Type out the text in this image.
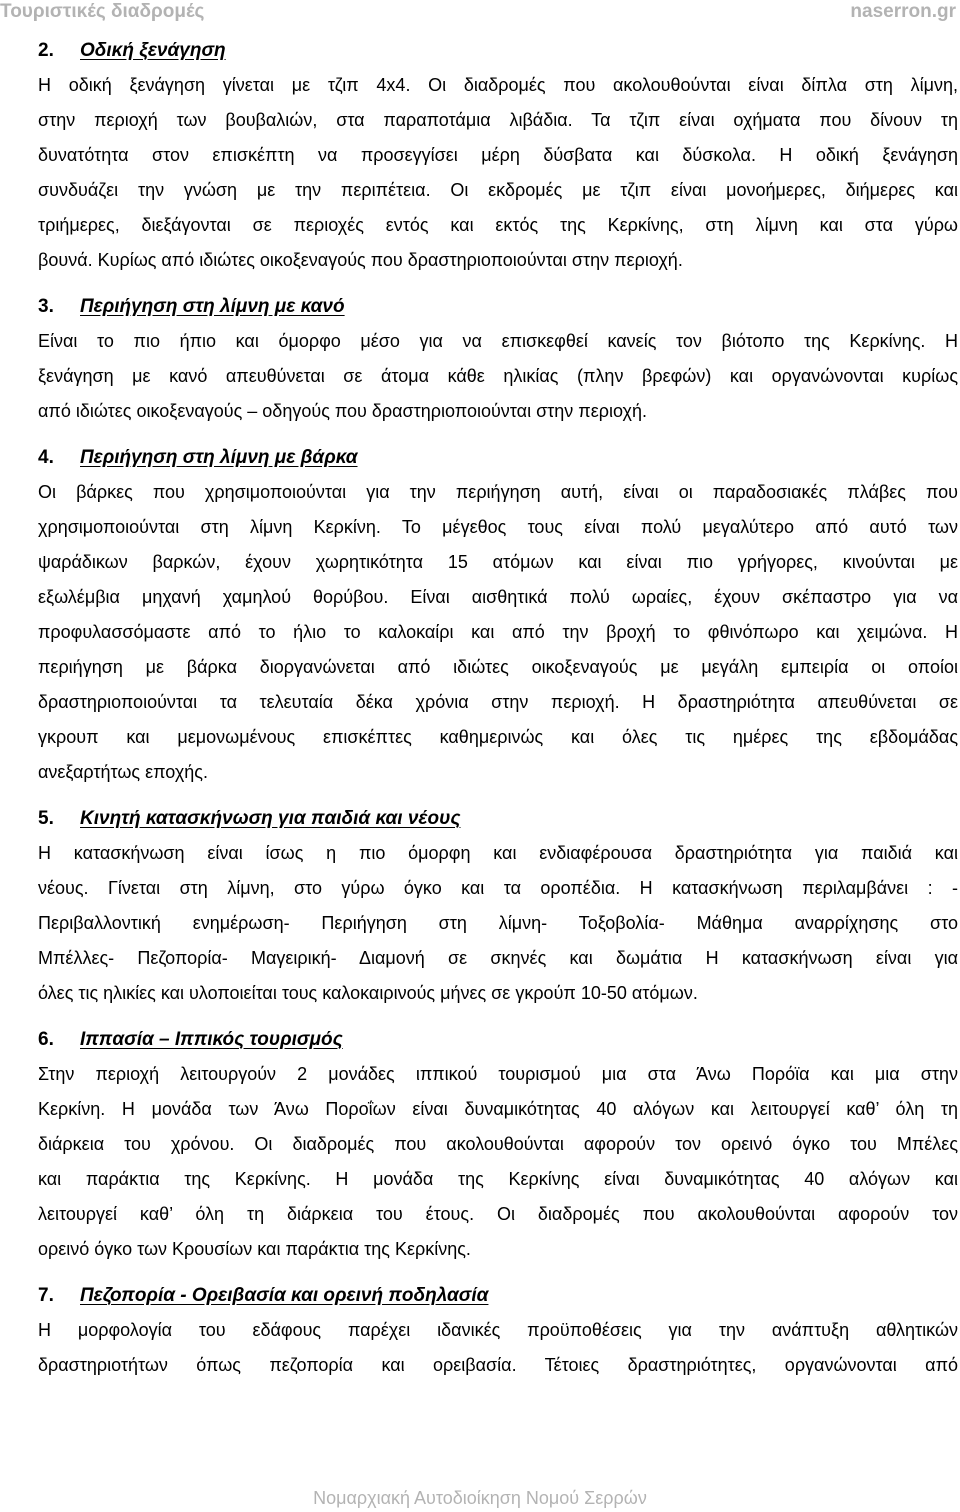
Τουριστικές διαδρομές	naserron.gr
2. Οδική ξενάγηση
Η οδική ξενάγηση γίνεται με τζιπ 4x4. Οι διαδρομές που ακολουθούνται είναι δίπλα στη λίμνη,
στην περιοχή των βουβαλιών, στα παραποτάμια λιβάδια. Τα τζιπ είναι οχήματα που δίνουν τη
δυνατότητα στον επισκέπτη να προσεγγίσει μέρη δύσβατα και δύσκολα. Η οδική ξενάγηση
συνδυάζει την γνώση με την περιπέτεια. Οι εκδρομές με τζιπ είναι μονοήμερες, διήμερες και
τριήμερες, διεξάγονται σε περιοχές εντός και εκτός της Κερκίνης, στη λίμνη και στα γύρω
βουνά. Κυρίως από ιδιώτες οικοξεναγούς που δραστηριοποιούνται στην περιοχή.
3. Περιήγηση στη λίμνη με κανό
Είναι το πιο ήπιο και όμορφο μέσο για να επισκεφθεί κανείς τον βιότοπο της Κερκίνης. Η
ξενάγηση με κανό απευθύνεται σε άτομα κάθε ηλικίας (πλην βρεφών) και οργανώνονται κυρίως
από ιδιώτες οικοξεναγούς – οδηγούς που δραστηριοποιούνται στην περιοχή.
4. Περιήγηση στη λίμνη με βάρκα
Οι βάρκες που χρησιμοποιούνται για την περιήγηση αυτή, είναι οι παραδοσιακές πλάβες που
χρησιμοποιούνται στη λίμνη Κερκίνη. Το μέγεθος τους είναι πολύ μεγαλύτερο από αυτό των
ψαράδικων βαρκών, έχουν χωρητικότητα 15 ατόμων και είναι πιο γρήγορες, κινούνται με
εξωλέμβια μηχανή χαμηλού θορύβου. Είναι αισθητικά πολύ ωραίες, έχουν σκέπαστρο για να
προφυλασσόμαστε από το ήλιο το καλοκαίρι και από την βροχή το φθινόπωρο και χειμώνα. Η
περιήγηση με βάρκα διοργανώνεται από ιδιώτες οικοξεναγούς με μεγάλη εμπειρία οι οποίοι
δραστηριοποιούνται τα τελευταία δέκα χρόνια στην περιοχή. Η δραστηριότητα απευθύνεται σε
γκρουπ και μεμονωμένους επισκέπτες καθημερινώς και όλες τις ημέρες της εβδομάδας
ανεξαρτήτως εποχής.
5. Κινητή κατασκήνωση για παιδιά και νέους
Η κατασκήνωση είναι ίσως η πιο όμορφη και ενδιαφέρουσα δραστηριότητα για παιδιά και
νέους. Γίνεται στη λίμνη, στο γύρω όγκο και τα οροπέδια. Η κατασκήνωση περιλαμβάνει : -
Περιβαλλοντική ενημέρωση- Περιήγηση στη λίμνη- Τοξοβολία- Μάθημα αναρρίχησης στο
Μπέλλες- Πεζοπορία- Μαγειρική- Διαμονή σε σκηνές και δωμάτια Η κατασκήνωση είναι για
όλες τις ηλικίες και υλοποιείται τους καλοκαιρινούς μήνες σε γκρούπ 10-50 ατόμων.
6. Ιππασία – Ιππικός τουρισμός
Στην περιοχή λειτουργούν 2 μονάδες ιππικού τουρισμού μια στα Άνω Πορόϊα και μια στην
Κερκίνη. Η μονάδα των Άνω Ποροΐων είναι δυναμικότητας 40 αλόγων και λειτουργεί καθ’ όλη τη
διάρκεια του χρόνου. Οι διαδρομές που ακολουθούνται αφορούν τον ορεινό όγκο του Μπέλες
και παράκτια της Κερκίνης. Η μονάδα της Κερκίνης είναι δυναμικότητας 40 αλόγων και
λειτουργεί καθ’ όλη τη διάρκεια του έτους. Οι διαδρομές που ακολουθούνται αφορούν τον
ορεινό όγκο των Κρουσίων και παράκτια της Κερκίνης.
7. Πεζοπορία - Ορειβασία και ορεινή ποδηλασία
Η μορφολογία του εδάφους παρέχει ιδανικές προϋποθέσεις για την ανάπτυξη αθλητικών
δραστηριοτήτων όπως πεζοπορία και ορειβασία. Τέτοιες δραστηριότητες, οργανώνονται από
Νομαρχιακή Αυτοδιοίκηση Νομού Σερρών
